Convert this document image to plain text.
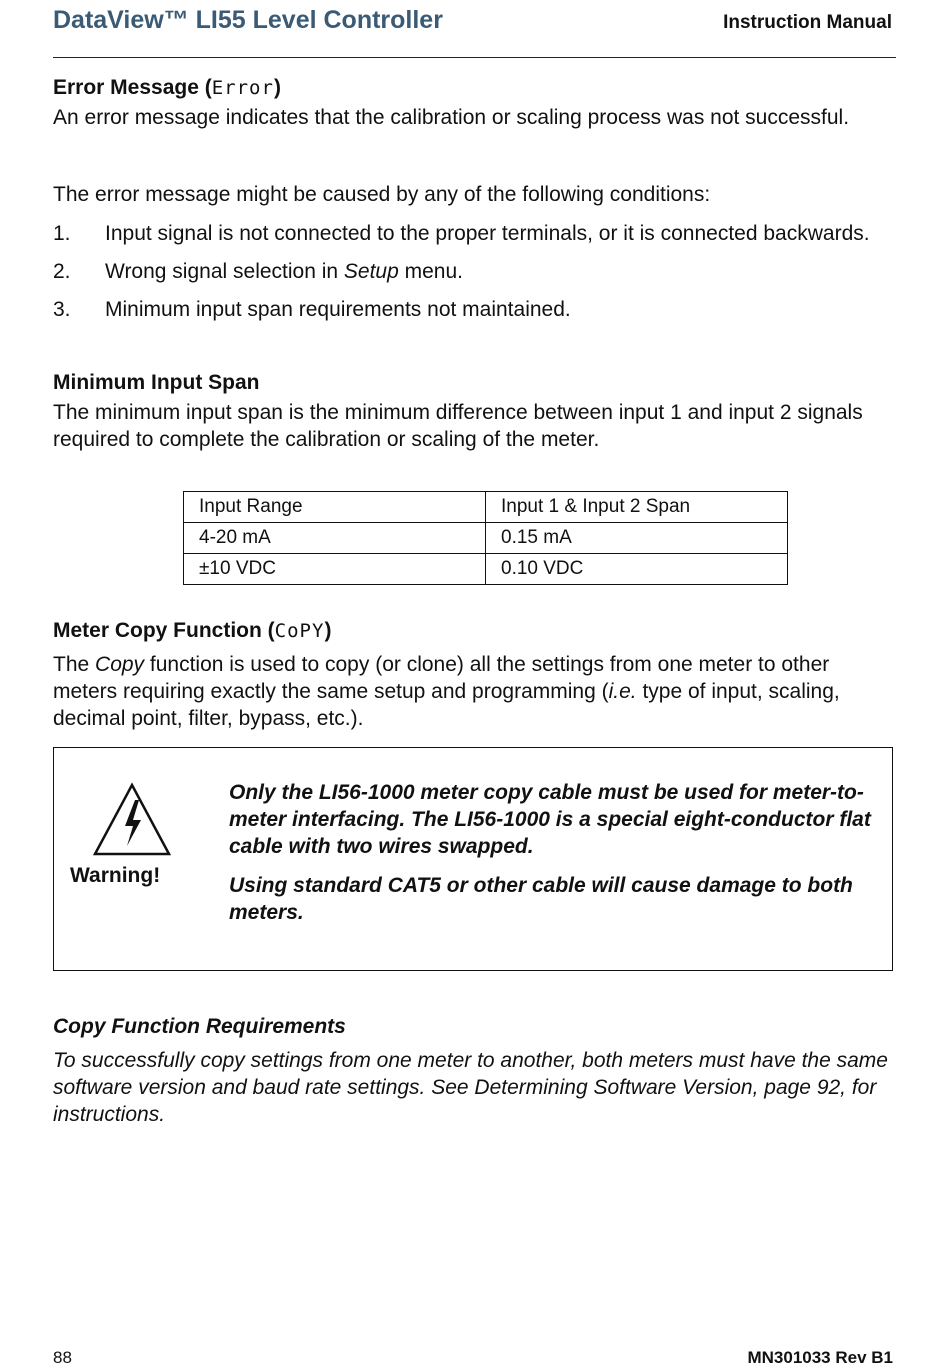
DataView™ LI55 Level Controller	Instruction Manual
Error Message (Error)

An error message indicates that the calibration or scaling process was not successful.

The error message might be caused by any of the following conditions:

1. Input signal is not connected to the proper terminals, or it is connected backwards.
2. Wrong signal selection in Setup menu.
3. Minimum input span requirements not maintained.
Minimum Input Span

The minimum input span is the minimum difference between input 1 and input 2 signals required to complete the calibration or scaling of the meter.

Input Range	Input 1 & Input 2 Span
4-20 mA	0.15 mA
±10 VDC	0.10 VDC
Meter Copy Function (CoPY)

The Copy function is used to copy (or clone) all the settings from one meter to other meters requiring exactly the same setup and programming (i.e. type of input, scaling, decimal point, filter, bypass, etc.).

Warning!

Only the LI56-1000 meter copy cable must be used for meter-to-meter interfacing. The LI56-1000 is a special eight-conductor flat cable with two wires swapped.

Using standard CAT5 or other cable will cause damage to both meters.

Copy Function Requirements

To successfully copy settings from one meter to another, both meters must have the same software version and baud rate settings. See Determining Software Version, page 92, for instructions.

88	MN301033 Rev B1
